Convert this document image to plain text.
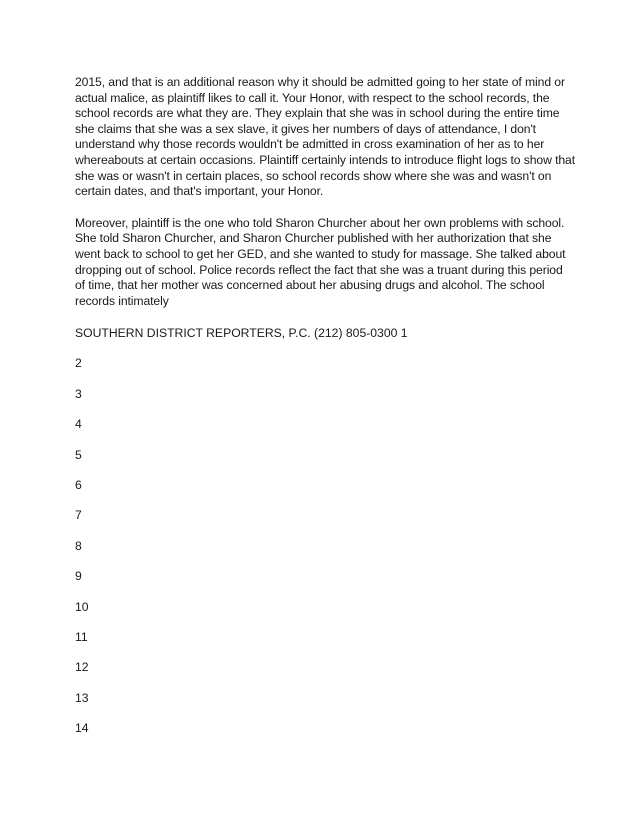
2015, and that is an additional reason why it should be admitted going to her state of mind or actual malice, as plaintiff likes to call it. Your Honor, with respect to the school records, the school records are what they are. They explain that she was in school during the entire time she claims that she was a sex slave, it gives her numbers of days of attendance, I don't understand why those records wouldn't be admitted in cross examination of her as to her whereabouts at certain occasions. Plaintiff certainly intends to introduce flight logs to show that she was or wasn't in certain places, so school records show where she was and wasn't on certain dates, and that's important, your Honor.

Moreover, plaintiff is the one who told Sharon Churcher about her own problems with school. She told Sharon Churcher, and Sharon Churcher published with her authorization that she went back to school to get her GED, and she wanted to study for massage. She talked about dropping out of school. Police records reflect the fact that she was a truant during this period of time, that her mother was concerned about her abusing drugs and alcohol. The school records intimately

SOUTHERN DISTRICT REPORTERS, P.C. (212) 805-0300 1
2
3
4
5
6
7
8
9
10
11
12
13
14
